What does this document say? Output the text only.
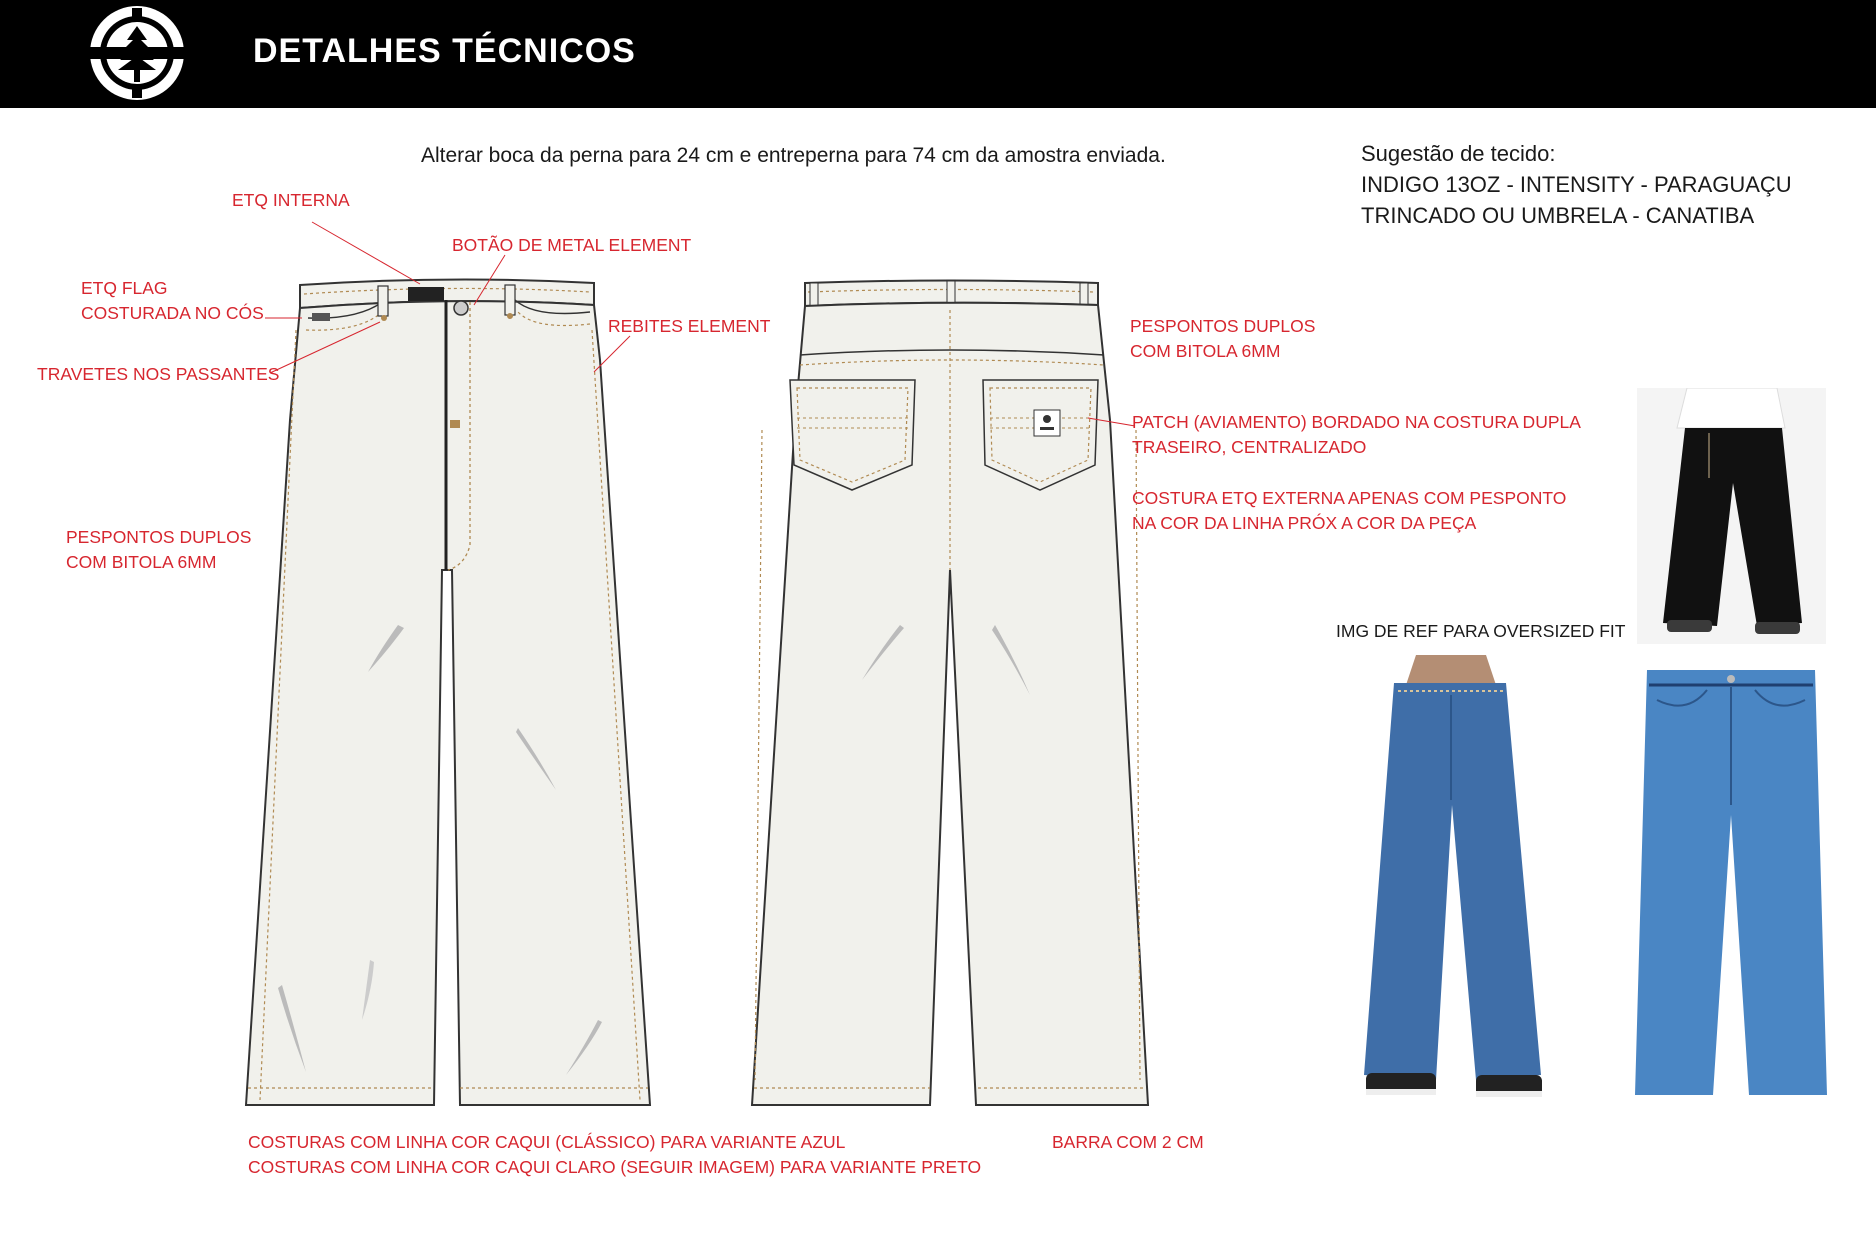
DETALHES TÉCNICOS
Alterar boca da perna para 24 cm e entreperna para 74 cm da amostra enviada.	Sugestão de tecido:
INDIGO 13OZ - INTENSITY - PARAGUAÇU
TRINCADO OU UMBRELA - CANATIBA
ETQ INTERNA
BOTÃO DE METAL ELEMENT
ETQ FLAG
COSTURADA NO CÓS
REBITES ELEMENT
TRAVETES NOS PASSANTES
PESPONTOS DUPLOS
COM BITOLA 6MM
PESPONTOS DUPLOS
COM BITOLA 6MM
PATCH (AVIAMENTO) BORDADO NA COSTURA DUPLA
TRASEIRO, CENTRALIZADO
COSTURA ETQ EXTERNA APENAS COM PESPONTO
NA COR DA LINHA PRÓX A COR DA PEÇA
COSTURAS COM LINHA COR CAQUI (CLÁSSICO) PARA VARIANTE AZUL
COSTURAS COM LINHA COR CAQUI CLARO (SEGUIR IMAGEM) PARA VARIANTE PRETO
BARRA COM 2 CM
IMG DE REF PARA OVERSIZED FIT
